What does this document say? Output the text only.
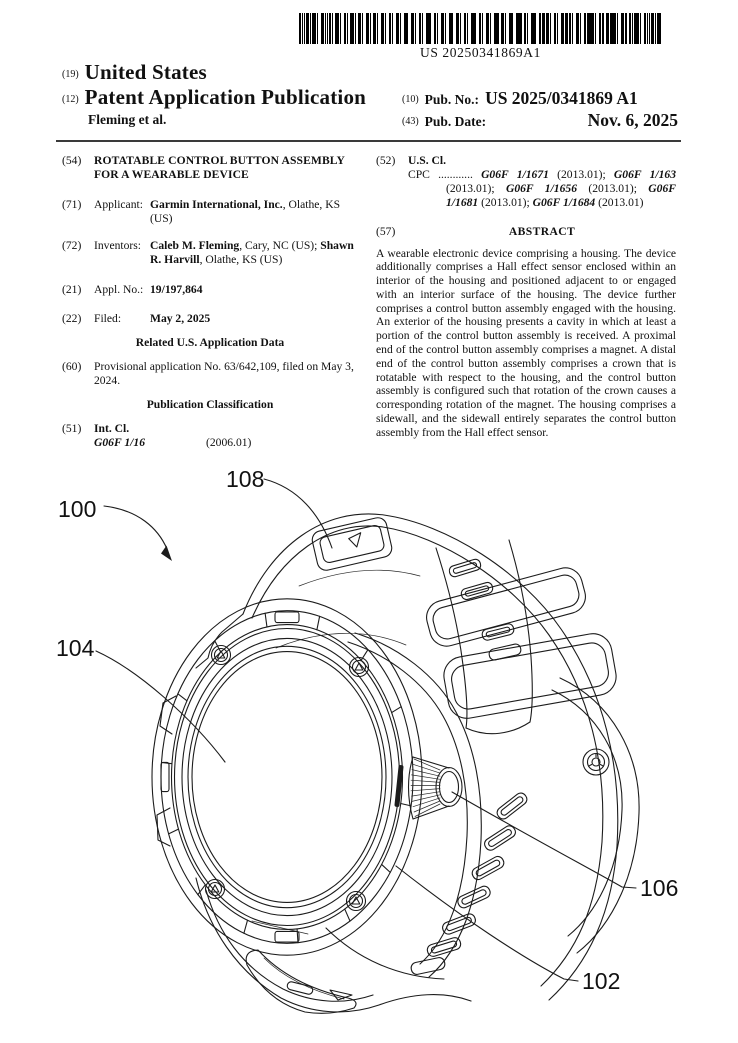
US 20250341869A1
(19) United States
(12) Patent Application Publication
Fleming et al.
(10) Pub. No.: US 2025/0341869 A1
(43) Pub. Date:	Nov. 6, 2025
(54)	ROTATABLE CONTROL BUTTON ASSEMBLY FOR A WEARABLE DEVICE
(71)	Applicant: Garmin International, Inc., Olathe, KS (US)
(72)	Inventors: Caleb M. Fleming, Cary, NC (US); Shawn R. Harvill, Olathe, KS (US)
(21)	Appl. No.: 19/197,864
(22)	Filed:	May 2, 2025
Related U.S. Application Data
(60)	Provisional application No. 63/642,109, filed on May 3, 2024.
Publication Classification
(51)	Int. Cl.
G06F 1/16	(2006.01)
(52)	U.S. Cl.
CPC ............ G06F 1/1671 (2013.01); G06F 1/163 (2013.01); G06F 1/1656 (2013.01); G06F 1/1681 (2013.01); G06F 1/1684 (2013.01)
(57)	ABSTRACT
A wearable electronic device comprising a housing. The device additionally comprises a Hall effect sensor enclosed within an interior of the housing and positioned adjacent to or engaged with an interior surface of the housing. The device further comprises a control button assembly engaged with the housing. An exterior of the housing presents a cavity in which at least a portion of the control button assembly is received. A proximal end of the control button assembly comprises a magnet. A distal end of the control button assembly comprises a crown that is rotatable with respect to the housing, and the control button assembly is configured such that rotation of the crown causes a corresponding rotation of the magnet. The housing comprises a sidewall, and the sidewall entirely separates the control button assembly from the Hall effect sensor.
100
108
104
106
102
